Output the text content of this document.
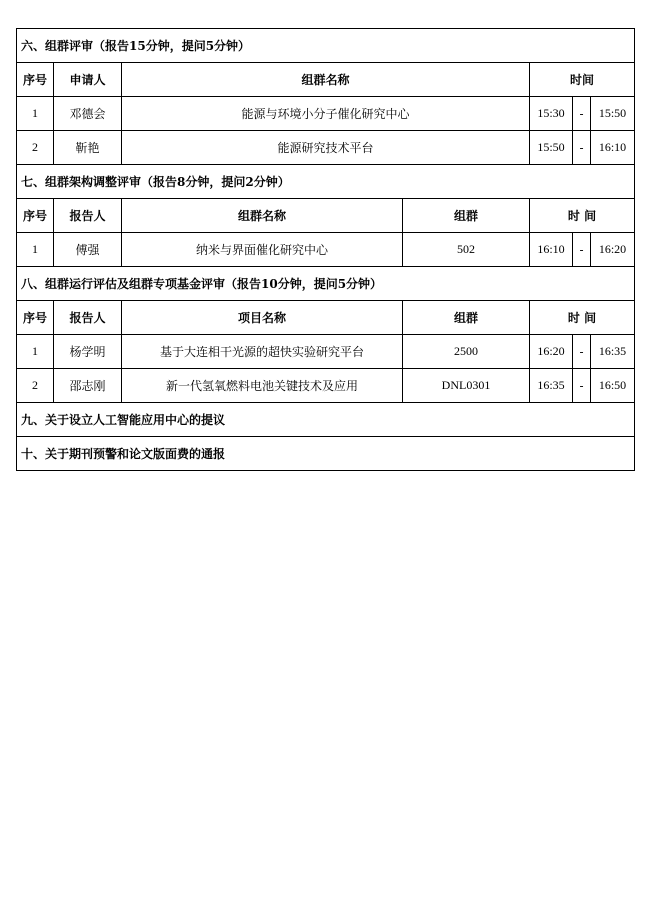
六、组群评审（报告15分钟，提问5分钟）						
序号	申请人	组群名称		时间		
1	邓德会	能源与环境小分子催化研究中心		15:30	-	15:50
2	靳艳	能源研究技术平台		15:50	-	16:10
七、组群架构调整评审（报告8分钟，提问2分钟）						
序号	报告人	组群名称	组群	时 间		
1	傅强	纳米与界面催化研究中心	502	16:10	-	16:20
八、组群运行评估及组群专项基金评审（报告10分钟，提问5分钟）						
序号	报告人	项目名称	组群	时 间		
1	杨学明	基于大连相干光源的超快实验研究平台	2500	16:20	-	16:35
2	邵志刚	新一代氢氧燃料电池关键技术及应用	DNL0301	16:35	-	16:50
九、关于设立人工智能应用中心的提议						
十、关于期刊预警和论文版面费的通报						
